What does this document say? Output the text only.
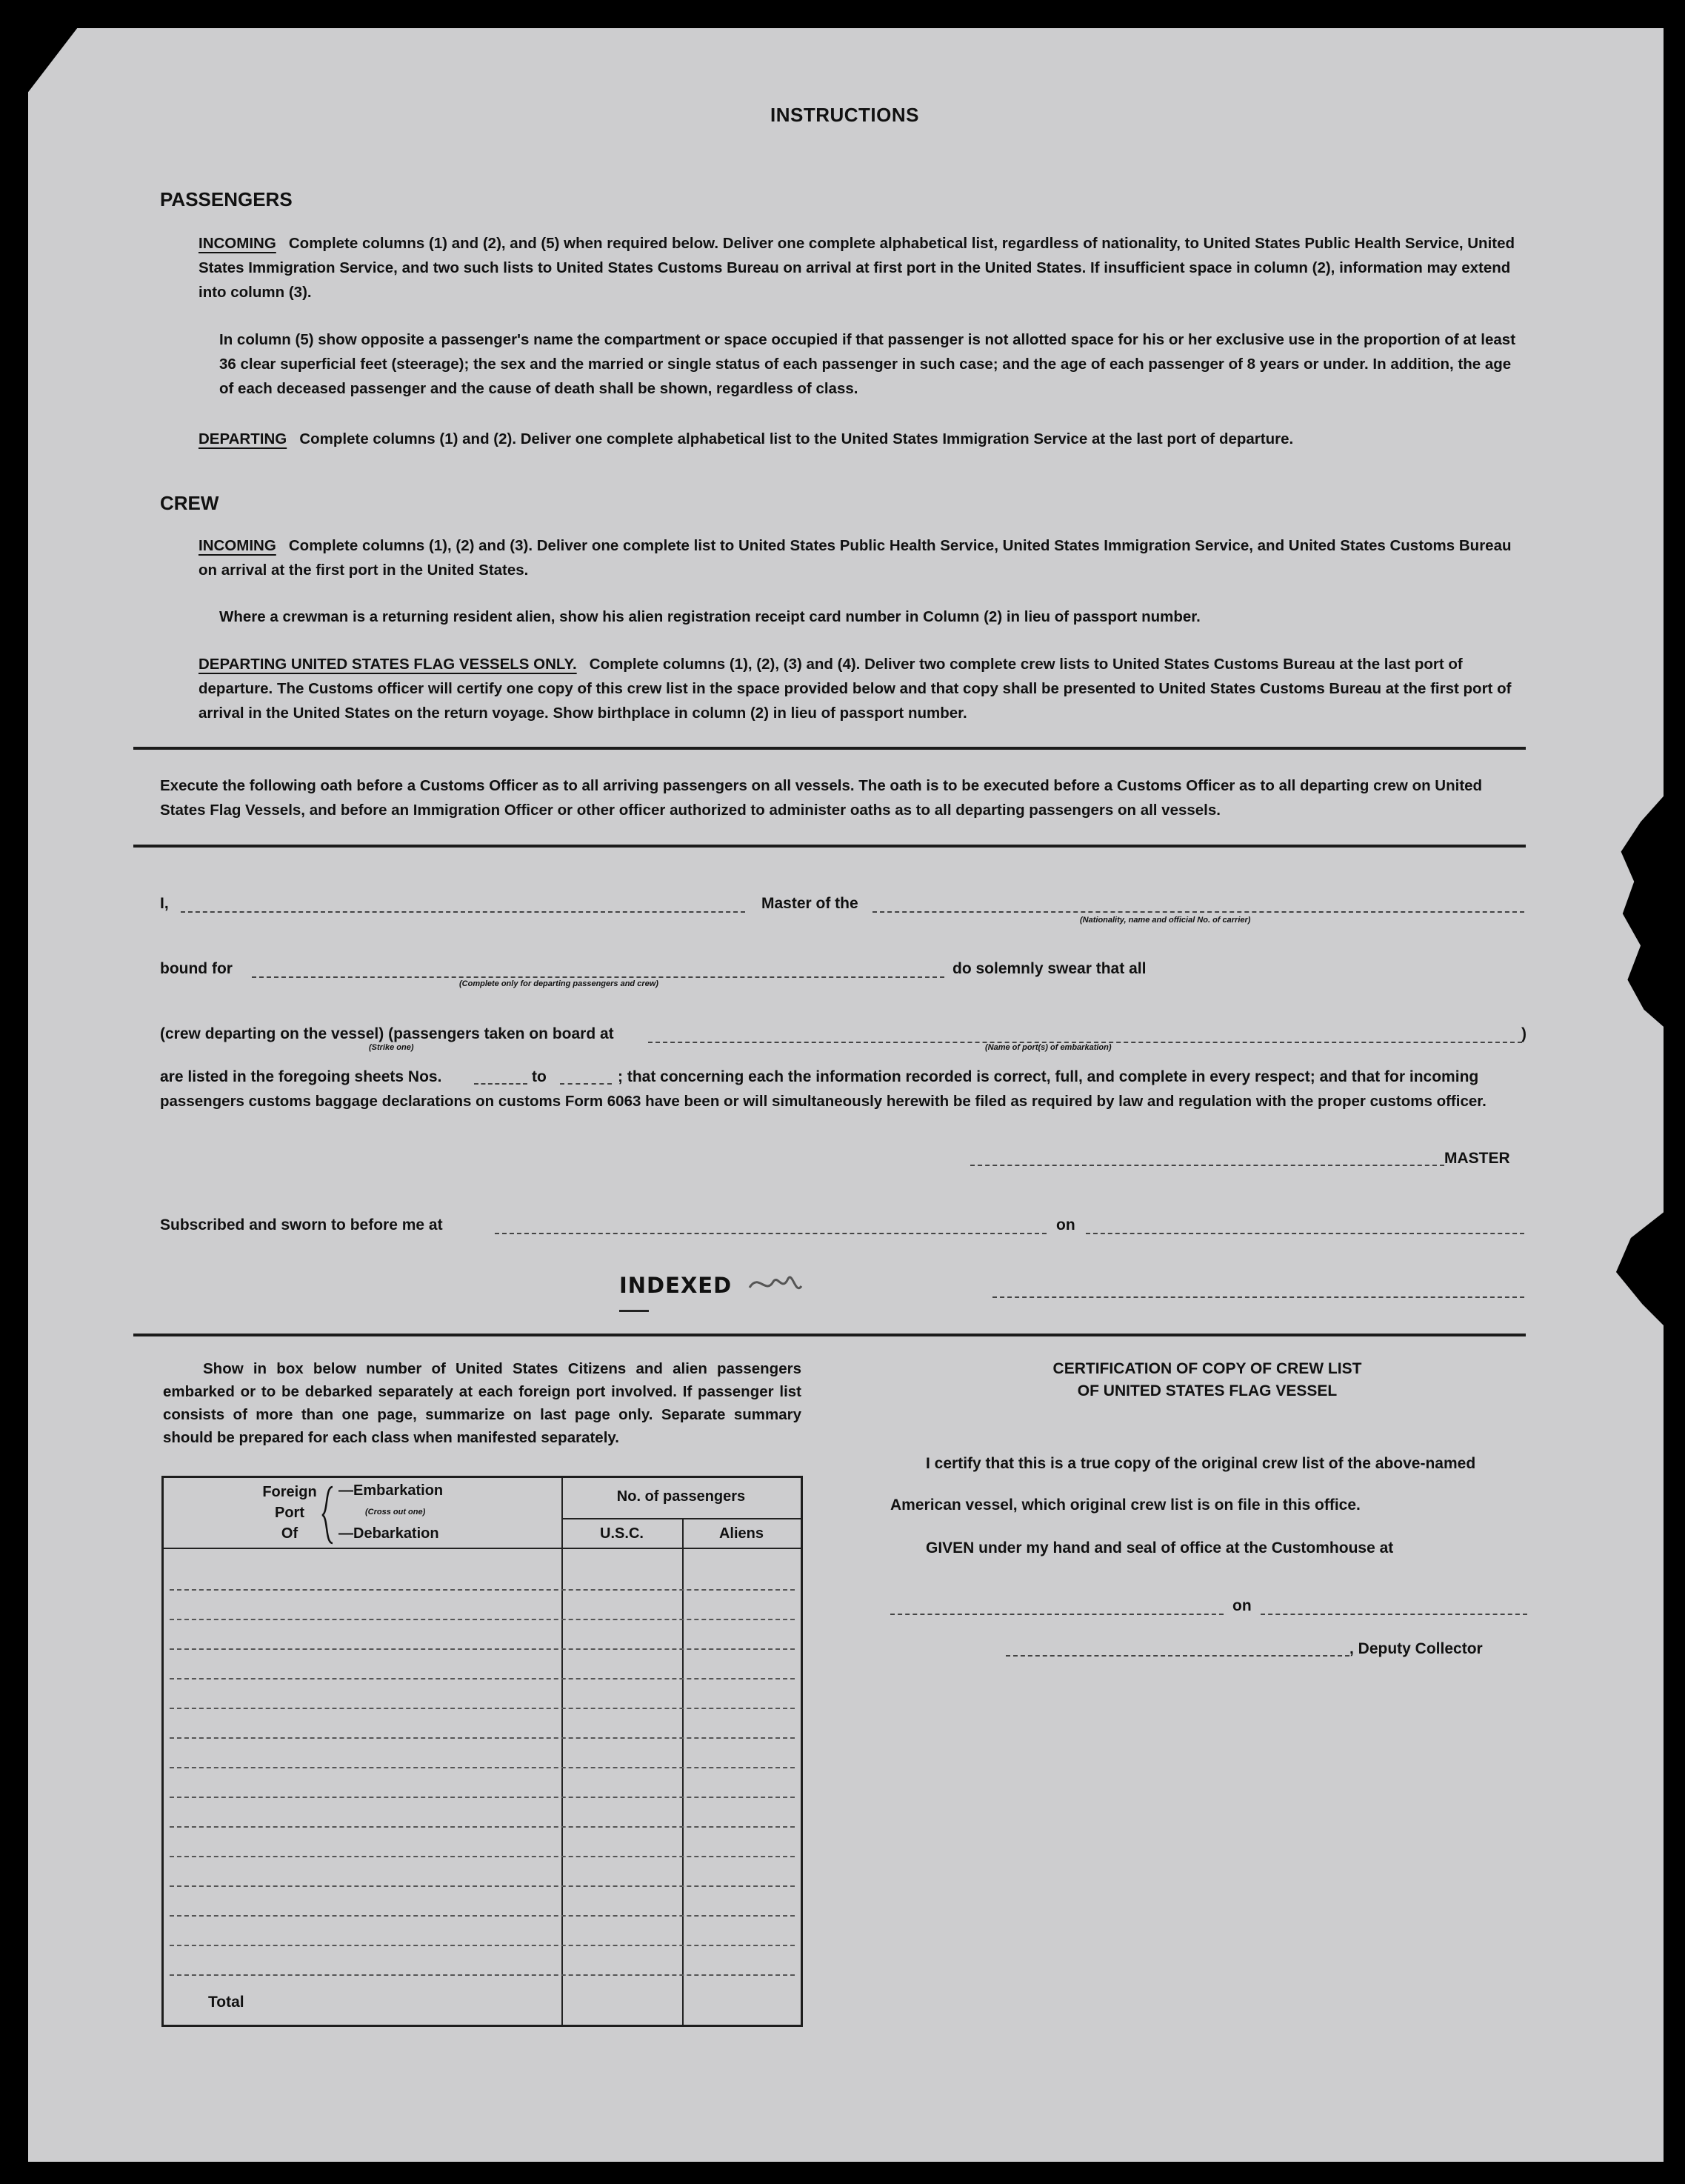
INSTRUCTIONS
PASSENGERS
INCOMING Complete columns (1) and (2), and (5) when required below. Deliver one complete alphabetical list, regardless of nationality, to United States Public Health Service, United States Immigration Service, and two such lists to United States Customs Bureau on arrival at first port in the United States. If insufficient space in column (2), information may extend into column (3).
In column (5) show opposite a passenger's name the compartment or space occupied if that passenger is not allotted space for his or her exclusive use in the proportion of at least 36 clear superficial feet (steerage); the sex and the married or single status of each passenger in such case; and the age of each passenger of 8 years or under. In addition, the age of each deceased passenger and the cause of death shall be shown, regardless of class.
DEPARTING Complete columns (1) and (2). Deliver one complete alphabetical list to the United States Immigration Service at the last port of departure.
CREW
INCOMING Complete columns (1), (2) and (3). Deliver one complete list to United States Public Health Service, United States Immigration Service, and United States Customs Bureau on arrival at the first port in the United States.
Where a crewman is a returning resident alien, show his alien registration receipt card number in Column (2) in lieu of passport number.
DEPARTING UNITED STATES FLAG VESSELS ONLY. Complete columns (1), (2), (3) and (4). Deliver two complete crew lists to United States Customs Bureau at the last port of departure. The Customs officer will certify one copy of this crew list in the space provided below and that copy shall be presented to United States Customs Bureau at the first port of arrival in the United States on the return voyage. Show birthplace in column (2) in lieu of passport number.
Execute the following oath before a Customs Officer as to all arriving passengers on all vessels. The oath is to be executed before a Customs Officer as to all departing crew on United States Flag Vessels, and before an Immigration Officer or other officer authorized to administer oaths as to all departing passengers on all vessels.
I,	Master of the
(Nationality, name and official No. of carrier)
bound for
(Complete only for departing passengers and crew)
do solemnly swear that all
(crew departing on the vessel) (passengers taken on board at
(Strike one)	(Name of port(s) of embarkation)
)
are listed in the foregoing sheets Nos.	to	; that concerning each the information recorded is correct, full, and complete in every respect; and that for incoming
passengers customs baggage declarations on customs Form 6063 have been or will simultaneously herewith be filed as required by law and regulation with the proper customs officer.
MASTER
Subscribed and sworn to before me at	on
INDEXED
Show in box below number of United States Citizens and alien passengers embarked or to be debarked separately at each foreign port involved. If passenger list consists of more than one page, summarize on last page only. Separate summary should be prepared for each class when manifested separately.
Foreign
Port
Of
—Embarkation
(Cross out one)
—Debarkation
No. of passengers
U.S.C.	Aliens
Total
CERTIFICATION OF COPY OF CREW LIST
OF UNITED STATES FLAG VESSEL
I certify that this is a true copy of the original crew list of the above-named
American vessel, which original crew list is on file in this office.
GIVEN under my hand and seal of office at the Customhouse at
on
, Deputy Collector
